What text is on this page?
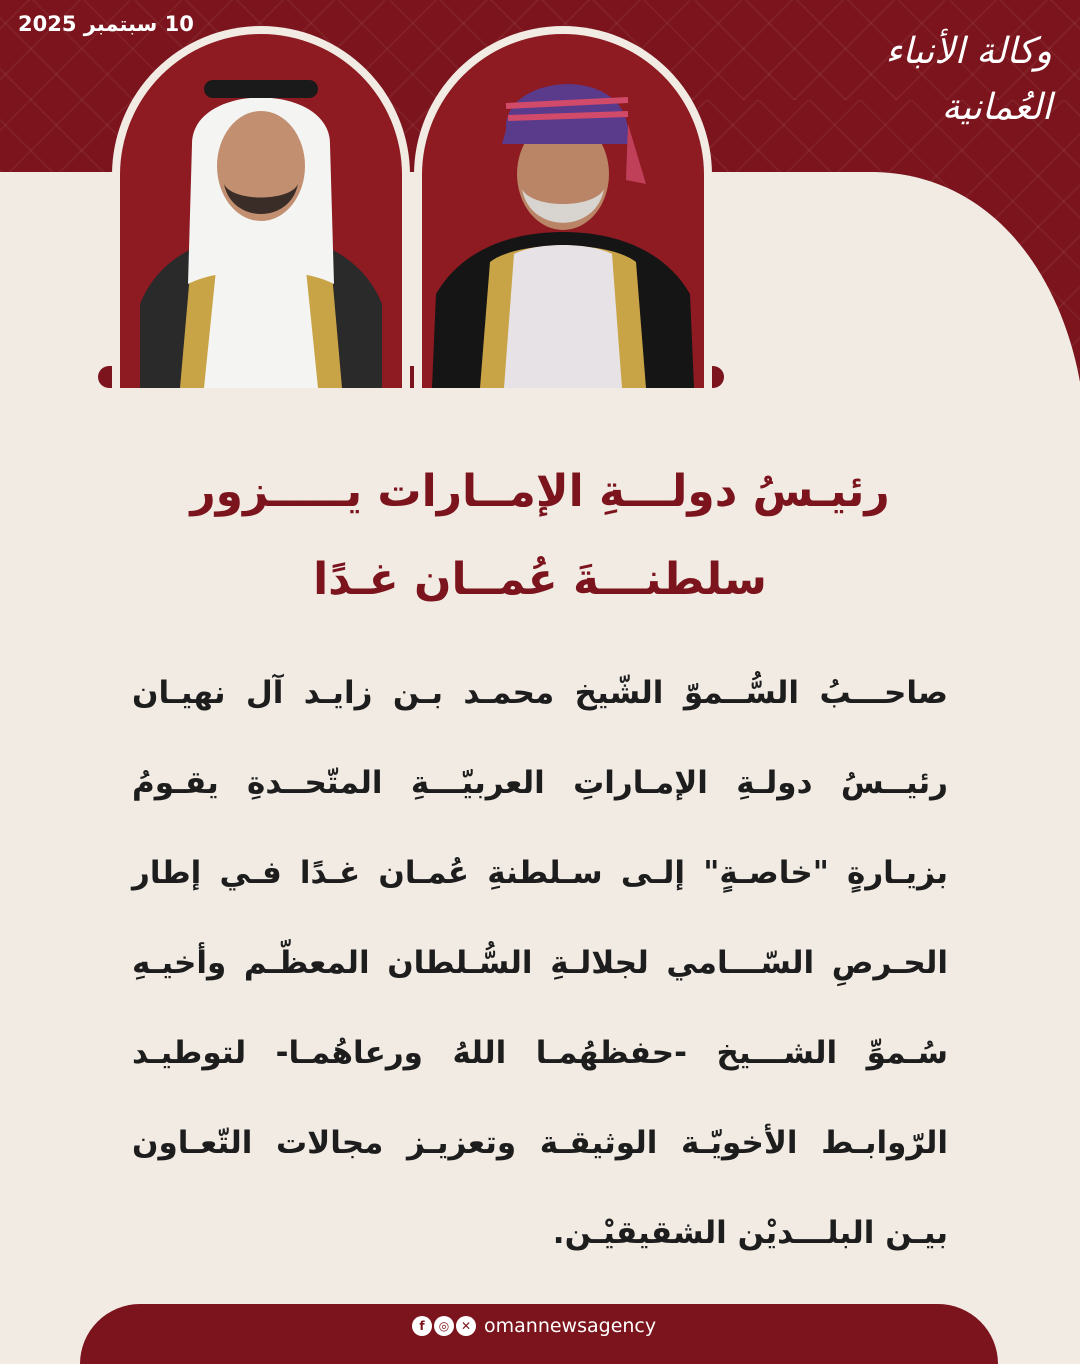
10 سبتمبر 2025
وكالة الأنباء العُمانية
رئيـسُ دولـــةِ الإمــارات يـــــزور
سلطنـــةَ عُمــان غـدًا
صاحـــبُ السُّــموّ الشّيخ محمـد بـن زايـد آل نهيـان رئيــسُ دولـةِ الإمـاراتِ العربيّـــةِ المتّحــدةِ يقـومُ بزيـارةٍ "خاصـةٍ" إلـى سـلطنةِ عُمـان غـدًا فـي إطار الحـرصِ السّـــامي لجلالـةِ السُّـلطان المعظّـم وأخيـهِ سُـموِّ الشـــيخ -حفظهُمـا اللهُ ورعاهُمـا- لتوطيـد الرّوابـط الأخويّـة الوثيقـة وتعزيـز مجالات التّعـاون بيـن البلـــديْن الشقيقيْـن.
f	◎ ✕ omannewsagency
